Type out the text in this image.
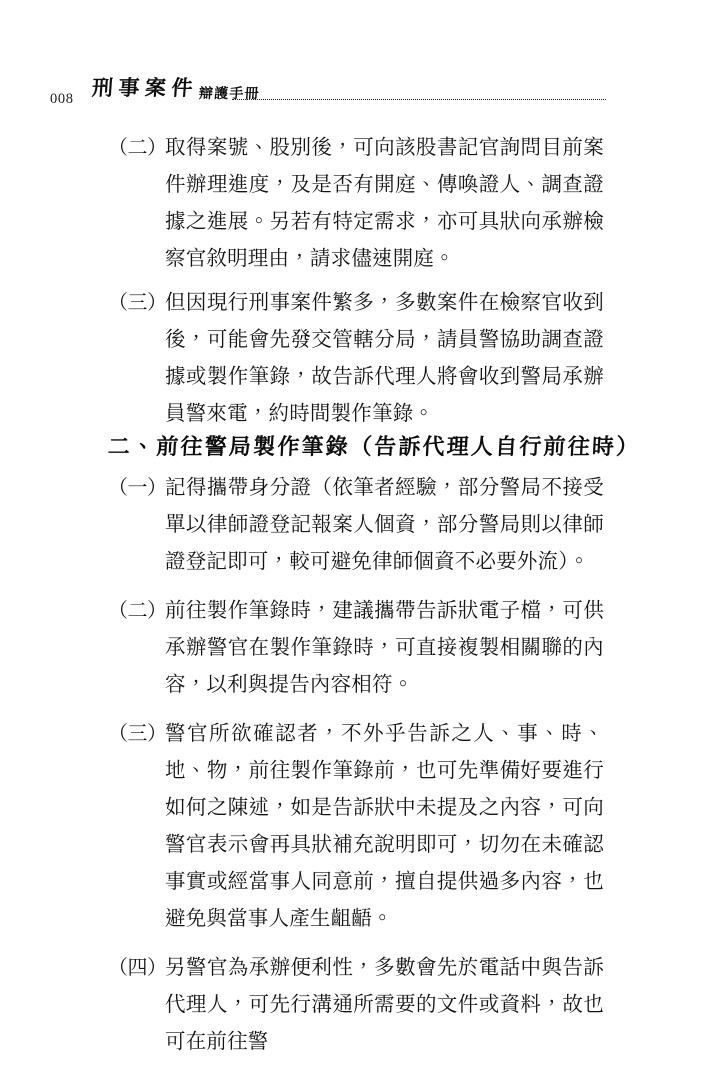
008 刑事案件 辯護手冊
（二）
取得案號、股別後，可向該股書記官詢問目前案件辦理進度，及是否有開庭、傳喚證人、調查證據之進展。另若有特定需求，亦可具狀向承辦檢察官敘明理由，請求儘速開庭。
（三）
但因現行刑事案件繁多，多數案件在檢察官收到後，可能會先發交管轄分局，請員警協助調查證據或製作筆錄，故告訴代理人將會收到警局承辦員警來電，約時間製作筆錄。
二、前往警局製作筆錄（告訴代理人自行前往時）
（一）
記得攜帶身分證（依筆者經驗，部分警局不接受單以律師證登記報案人個資，部分警局則以律師證登記即可，較可避免律師個資不必要外流）。
（二）
前往製作筆錄時，建議攜帶告訴狀電子檔，可供承辦警官在製作筆錄時，可直接複製相關聯的內容，以利與提告內容相符。
（三）
警官所欲確認者，不外乎告訴之人、事、時、地、物，前往製作筆錄前，也可先準備好要進行如何之陳述，如是告訴狀中未提及之內容，可向警官表示會再具狀補充說明即可，切勿在未確認事實或經當事人同意前，擅自提供過多內容，也避免與當事人產生齟齬。
（四）
另警官為承辦便利性，多數會先於電話中與告訴代理人，可先行溝通所需要的文件或資料，故也可在前往警
